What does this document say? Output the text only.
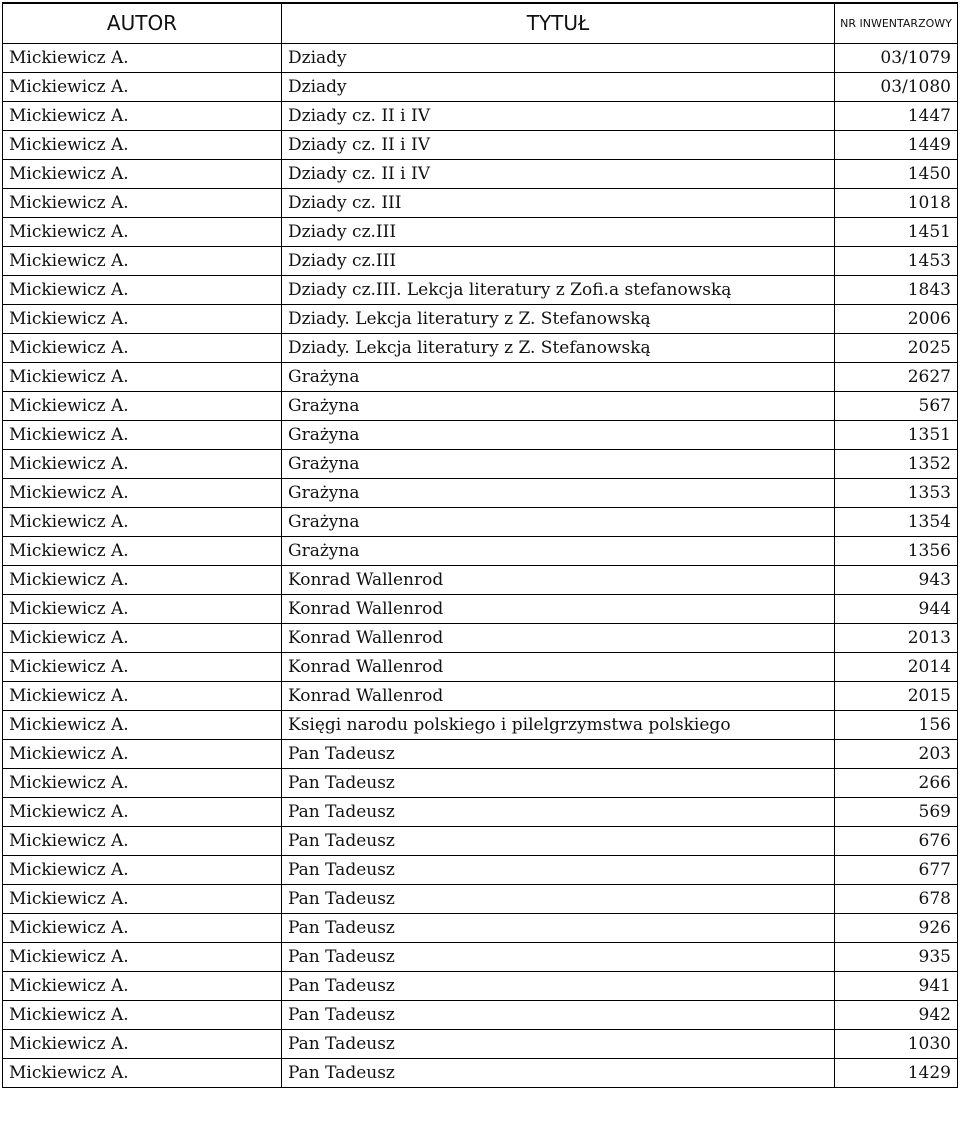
AUTOR	TYTUŁ	NR INWENTARZOWY
Mickiewicz A.	Dziady	03/1079
Mickiewicz A.	Dziady	03/1080
Mickiewicz A.	Dziady cz. II i IV	1447
Mickiewicz A.	Dziady cz. II i IV	1449
Mickiewicz A.	Dziady cz. II i IV	1450
Mickiewicz A.	Dziady cz. III	1018
Mickiewicz A.	Dziady cz.III	1451
Mickiewicz A.	Dziady cz.III	1453
Mickiewicz A.	Dziady cz.III. Lekcja literatury z Zofi.a stefanowską	1843
Mickiewicz A.	Dziady. Lekcja literatury z Z. Stefanowską	2006
Mickiewicz A.	Dziady. Lekcja literatury z Z. Stefanowską	2025
Mickiewicz A.	Grażyna	2627
Mickiewicz A.	Grażyna	567
Mickiewicz A.	Grażyna	1351
Mickiewicz A.	Grażyna	1352
Mickiewicz A.	Grażyna	1353
Mickiewicz A.	Grażyna	1354
Mickiewicz A.	Grażyna	1356
Mickiewicz A.	Konrad Wallenrod	943
Mickiewicz A.	Konrad Wallenrod	944
Mickiewicz A.	Konrad Wallenrod	2013
Mickiewicz A.	Konrad Wallenrod	2014
Mickiewicz A.	Konrad Wallenrod	2015
Mickiewicz A.	Księgi narodu polskiego i pilelgrzymstwa polskiego	156
Mickiewicz A.	Pan Tadeusz	203
Mickiewicz A.	Pan Tadeusz	266
Mickiewicz A.	Pan Tadeusz	569
Mickiewicz A.	Pan Tadeusz	676
Mickiewicz A.	Pan Tadeusz	677
Mickiewicz A.	Pan Tadeusz	678
Mickiewicz A.	Pan Tadeusz	926
Mickiewicz A.	Pan Tadeusz	935
Mickiewicz A.	Pan Tadeusz	941
Mickiewicz A.	Pan Tadeusz	942
Mickiewicz A.	Pan Tadeusz	1030
Mickiewicz A.	Pan Tadeusz	1429
